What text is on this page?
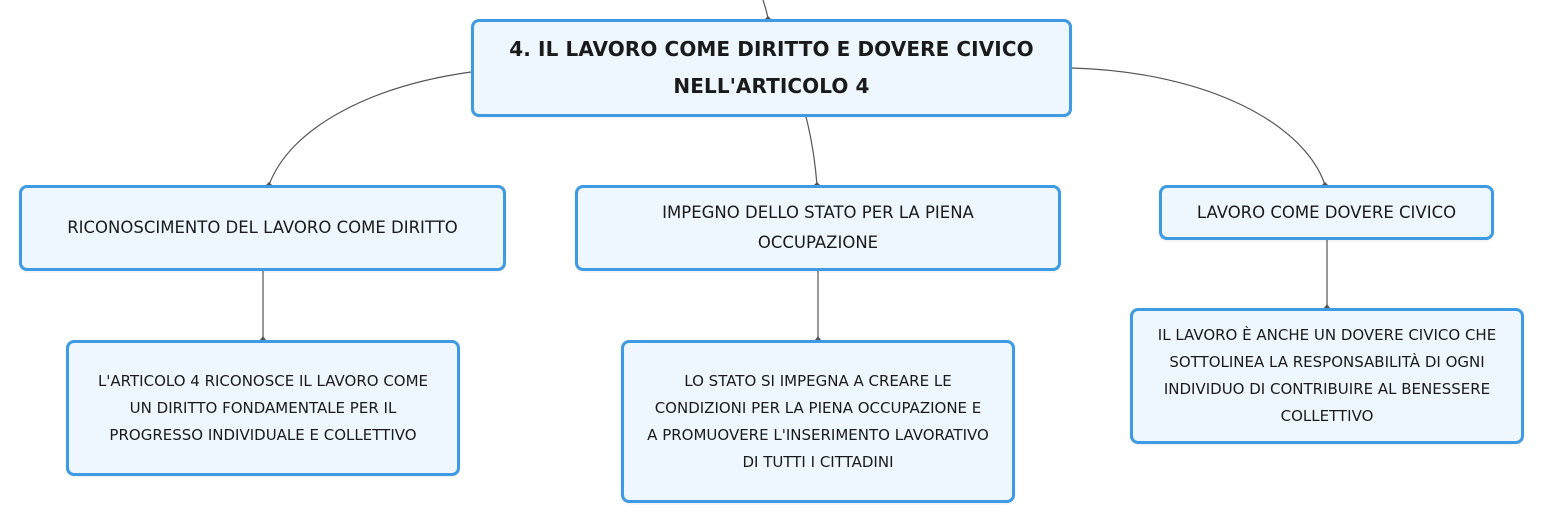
4. IL LAVORO COME DIRITTO E DOVERE CIVICO
NELL'ARTICOLO 4
RICONOSCIMENTO DEL LAVORO COME DIRITTO
IMPEGNO DELLO STATO PER LA PIENA
OCCUPAZIONE
LAVORO COME DOVERE CIVICO
L'ARTICOLO 4 RICONOSCE IL LAVORO COME
UN DIRITTO FONDAMENTALE PER IL
PROGRESSO INDIVIDUALE E COLLETTIVO
LO STATO SI IMPEGNA A CREARE LE
CONDIZIONI PER LA PIENA OCCUPAZIONE E
A PROMUOVERE L'INSERIMENTO LAVORATIVO
DI TUTTI I CITTADINI
IL LAVORO È ANCHE UN DOVERE CIVICO CHE
SOTTOLINEA LA RESPONSABILITÀ DI OGNI
INDIVIDUO DI CONTRIBUIRE AL BENESSERE
COLLETTIVO
